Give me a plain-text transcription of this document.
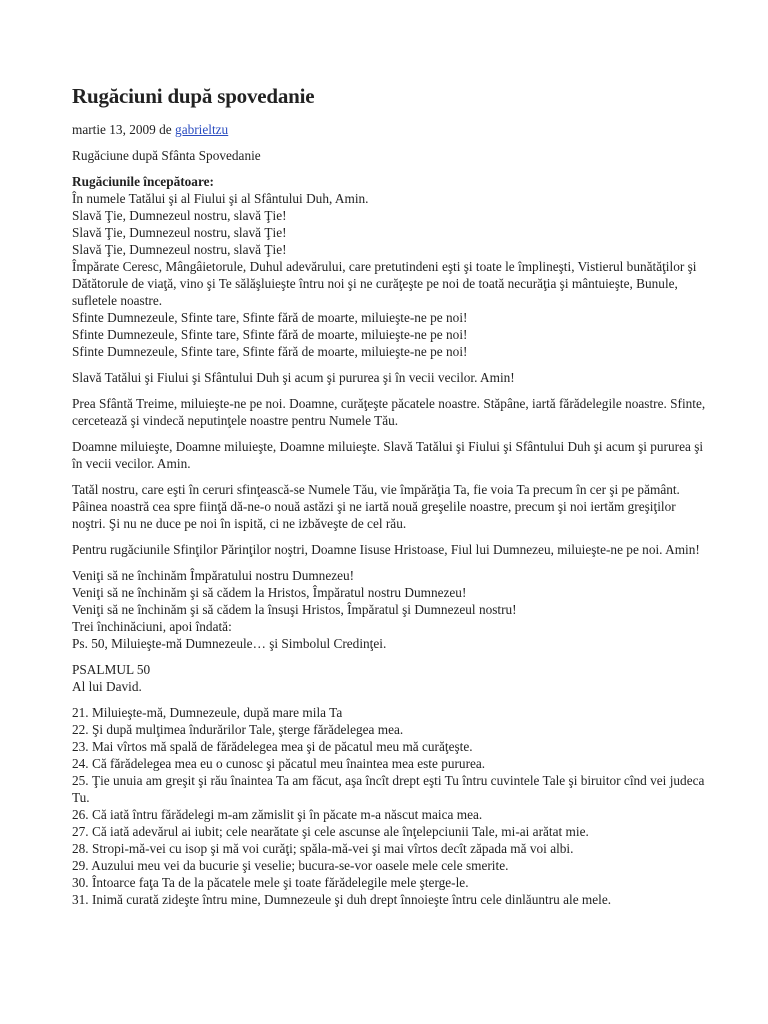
Rugăciuni după spovedanie
martie 13, 2009 de gabrieltzu
Rugăciune după Sfânta Spovedanie
Rugăciunile începătoare:
În numele Tatălui şi al Fiului şi al Sfântului Duh, Amin.
Slavă Ţie, Dumnezeul nostru, slavă Ţie!
Slavă Ţie, Dumnezeul nostru, slavă Ţie!
Slavă Ţie, Dumnezeul nostru, slavă Ţie!
Împărate Ceresc, Mângâietorule, Duhul adevărului, care pretutindeni eşti şi toate le împlineşti, Vistierul bunătăţilor şi Dătătorule de viaţă, vino şi Te sălăşluieşte întru noi şi ne curăţeşte pe noi de toată necurăţia şi mântuieşte, Bunule, sufletele noastre.
Sfinte Dumnezeule, Sfinte tare, Sfinte fără de moarte, miluieşte-ne pe noi!
Sfinte Dumnezeule, Sfinte tare, Sfinte fără de moarte, miluieşte-ne pe noi!
Sfinte Dumnezeule, Sfinte tare, Sfinte fără de moarte, miluieşte-ne pe noi!
Slavă Tatălui şi Fiului şi Sfântului Duh şi acum şi pururea şi în vecii vecilor. Amin!
Prea Sfântă Treime, miluieşte-ne pe noi. Doamne, curăţeşte păcatele noastre. Stăpâne, iartă fărădelegile noastre. Sfinte, cercetează şi vindecă neputinţele noastre pentru Numele Tău.
Doamne miluieşte, Doamne miluieşte, Doamne miluieşte. Slavă Tatălui şi Fiului şi Sfântului Duh şi acum şi pururea şi în vecii vecilor. Amin.
Tatăl nostru, care eşti în ceruri sfinţească-se Numele Tău, vie împărăţia Ta, fie voia Ta precum în cer şi pe pământ. Pâinea noastră cea spre fiinţă dă-ne-o nouă astăzi şi ne iartă nouă greşelile noastre, precum şi noi iertăm greşiţilor noştri. Şi nu ne duce pe noi în ispită, ci ne izbăveşte de cel rău.
Pentru rugăciunile Sfinţilor Părinţilor noştri, Doamne Iisuse Hristoase, Fiul lui Dumnezeu, miluieşte-ne pe noi. Amin!
Veniţi să ne închinăm Împăratului nostru Dumnezeu!
Veniţi să ne închinăm şi să cădem la Hristos, Împăratul nostru Dumnezeu!
Veniţi să ne închinăm şi să cădem la însuşi Hristos, Împăratul şi Dumnezeul nostru!
Trei închinăciuni, apoi îndată:
Ps. 50, Miluieşte-mă Dumnezeule… şi Simbolul Credinţei.
PSALMUL 50
Al lui David.
21. Miluieşte-mă, Dumnezeule, după mare mila Ta
22. Şi după mulţimea îndurărilor Tale, şterge fărădelegea mea.
23. Mai vîrtos mă spală de fărădelegea mea şi de păcatul meu mă curăţeşte.
24. Că fărădelegea mea eu o cunosc şi păcatul meu înaintea mea este pururea.
25. Ţie unuia am greşit şi rău înaintea Ta am făcut, aşa încît drept eşti Tu întru cuvintele Tale şi biruitor cînd vei judeca Tu.
26. Că iată întru fărădelegi m-am zămislit şi în păcate m-a născut maica mea.
27. Că iată adevărul ai iubit; cele nearătate şi cele ascunse ale înţelepciunii Tale, mi-ai arătat mie.
28. Stropi-mă-vei cu isop şi mă voi curăţi; spăla-mă-vei şi mai vîrtos decît zăpada mă voi albi.
29. Auzului meu vei da bucurie şi veselie; bucura-se-vor oasele mele cele smerite.
30. Întoarce faţa Ta de la păcatele mele şi toate fărădelegile mele şterge-le.
31. Inimă curată zideşte întru mine, Dumnezeule şi duh drept înnoieşte întru cele dinlăuntru ale mele.
